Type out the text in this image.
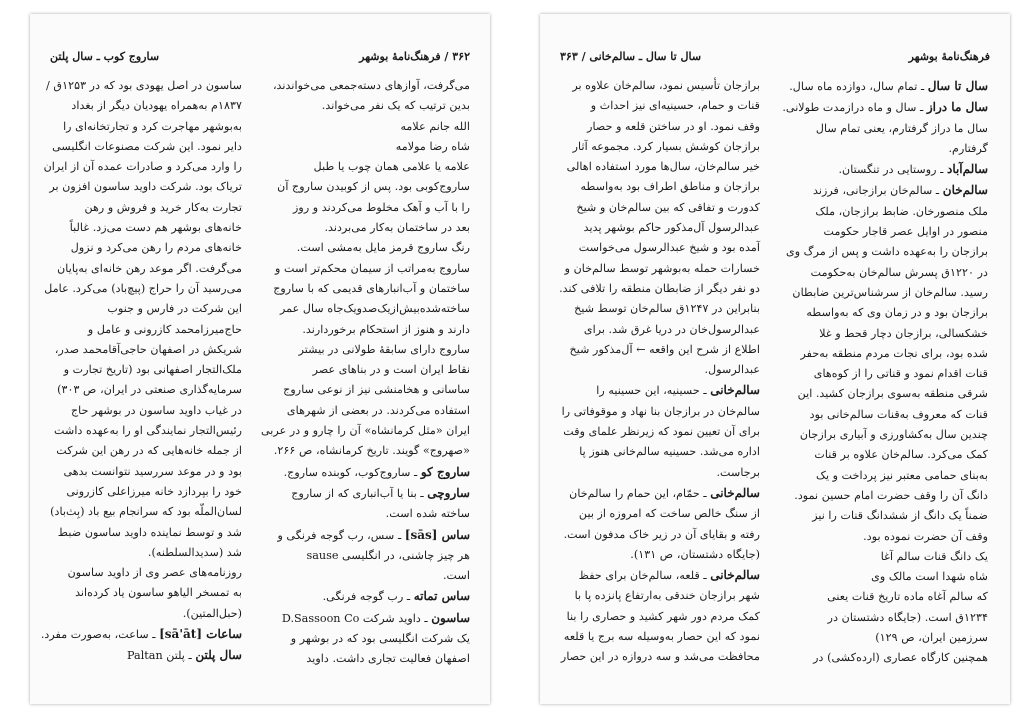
۳۶۲ / فرهنگ‌نامهٔ بوشهر
ساروج کوب ـ سال پلتن
می‌گرفت، آوازهای دسته‌جمعی می‌خواندند،
بدین ترتیب که یک نفر می‌خواند.
الله جانم علامه
شاه رضا مولامه
علامه یا علامی همان چوب یا طبل
ساروج‌کوبی بود. پس از کوبیدن ساروج آن
را با آب و آهک مخلوط می‌کردند و روز
بعد در ساختمان به‌کار می‌بردند.
رنگ ساروج قرمز مایل به‌مشی است.
ساروج به‌مراتب از سیمان محکم‌تر است و
ساختمان و آب‌انبارهای قدیمی که با ساروج
ساخته‌شده‌بیش‌ازیک‌صد‌ویک‌جاه سال عمر
دارند و هنوز از استحکام برخوردارند.
ساروج دارای سابقهٔ طولانی در بیشتر
نقاط ایران است و در بناهای عصر
ساسانی و هخامنشی نیز از نوعی ساروج
استفاده می‌کردند. در بعضی از شهرهای
ایران «مثل کرمانشاه» آن را چارو و در عربی
«صهروج» گویند. تاریخ کرمانشاه، ص ۲۶۶.
ساروج کو ـ ساروج‌کوب، کوبنده ساروج.
ساروچی ـ بنا یا آب‌انباری که از ساروج
ساخته شده است.
ساس [sās] ـ سس، رب گوجه فرنگی و
هر چیز چاشنی، در انگلیسی sause
است.
ساس تماته ـ رب گوجه فرنگی.
ساسون ـ داوید شرکت D.Sassoon Co
یک شرکت انگلیسی بود که در بوشهر و
اصفهان فعالیت تجاری داشت. داوید
ساسون در اصل یهودی بود که در ۱۲۵۳ق /
۱۸۳۷م به‌همراه یهودیان دیگر از بغداد
به‌بوشهر مهاجرت کرد و تجارتخانه‌ای را
دایر نمود. این شرکت مصنوعات انگلیسی
را وارد می‌کرد و صادرات عمده آن از ایران
تریاک بود. شرکت داوید ساسون افزون بر
تجارت به‌کار خرید و فروش و رهن
خانه‌های بوشهر هم دست می‌زد. غالباً
خانه‌های مردم را رهن می‌کرد و نزول
می‌گرفت. اگر موعد رهن خانه‌ای به‌پایان
می‌رسید آن را حراج (پیچ‌باد) می‌کرد. عامل
این شرکت در فارس و جنوب
حاج‌میرزامحمد کازرونی و عامل و
شریکش در اصفهان حاجی‌آقامحمد صدر،
ملک‌التجار اصفهانی بود (تاریخ تجارت و
سرمایه‌گذاری صنعتی در ایران، ص ۳۰۳)
در غیاب داوید ساسون در بوشهر حاج
رئیس‌التجار نمایندگی او را به‌عهده داشت
از جمله خانه‌هایی که در رهن این شرکت
بود و در موعد سررسید نتوانست بدهی
خود را بپردازد خانه میرزاعلی کازرونی
لسان‌الملّه بود که سرانجام بیع باد (بِث‌باد)
شد و توسط نماینده داوید ساسون ضبط
شد (سدیدالسلطنه).
روزنامه‌های عصر وی از داوید ساسون
به تمسخر الیاهو ساسون یاد کرده‌اند
(حبل‌المتین).
ساعات [sā'āt] ـ ساعت، به‌صورت مفرد.
سال پلتن ـ پلتن Paltan
فرهنگ‌نامهٔ بوشهر
سال تا سال ـ سالم‌خانی / ۳۶۳
سال تا سال ـ تمام سال، دوازده ماه سال.
سال ما دراز ـ سال و ماه درازمدت طولانی.
سال ما دراز گرفتارم، یعنی تمام سال
گرفتارم.
سالم‌آباد ـ روستایی در تنگستان.
سالم‌خان ـ سالم‌خان برازجانی، فرزند
ملک منصورخان. ضابط برازجان، ملک
منصور در اوایل عصر قاجار حکومت
برازجان را به‌عهده داشت و پس از مرگ وی
در ۱۲۲۰ق پسرش سالم‌خان به‌حکومت
رسید. سالم‌خان از سرشناس‌ترین ضابطان
برازجان بود و در زمان وی که به‌واسطه
خشکسالی، برازجان دچار قحط و غلا
شده بود، برای نجات مردم منطقه به‌حفر
قنات اقدام نمود و قناتی را از کوه‌های
شرقی منطقه به‌سوی برازجان کشید. این
قنات که معروف به‌قنات سالم‌خانی بود
چندین سال به‌کشاورزی و آبیاری برازجان
کمک می‌کرد. سالم‌خان علاوه بر قنات
به‌بنای حمامی معتبر نیز پرداخت و یک
دانگ آن را وقف حضرت امام حسین نمود.
ضمناً یک دانگ از ششدانگ قنات را نیز
وقف آن حضرت نموده بود.
یک دانگ قنات سالم آغا
شاه شهدا است مالک وی
که سالم آغاه ماده تاریخ قنات یعنی
۱۲۳۴ق است. (جایگاه دشتستان در
سرزمین ایران، ص ۱۲۹)
همچنین کارگاه عصاری (ارده‌کشی) در
برازجان تأسیس نمود، سالم‌خان علاوه بر
قنات و حمام، حسینیه‌ای نیز احداث و
وقف نمود. او در ساختن قلعه و حصار
برازجان کوشش بسیار کرد. مجموعه آثار
خیر سالم‌خان، سال‌ها مورد استفاده اهالی
برازجان و مناطق اطراف بود به‌واسطه
کدورت و تفاقی که بین سالم‌خان و شیخ
عبدالرسول آل‌مذکور حاکم بوشهر پدید
آمده بود و شیخ عبدالرسول می‌خواست
خسارات حمله به‌بوشهر توسط سالم‌خان و
دو نفر دیگر از ضابطان منطقه را تلافی کند.
بنابراین در ۱۲۴۷ق سالم‌خان توسط شیخ
عبدالرسول‌خان در دریا غرق شد. برای
اطلاع از شرح این واقعه ← آل‌مذکور شیخ
عبدالرسول.
سالم‌خانی ـ حسینیه، این حسینیه را
سالم‌خان در برازجان بنا نهاد و موقوفاتی را
برای آن تعیین نمود که زیرنظر علمای وقت
اداره می‌شد. حسینیه سالم‌خانی هنوز پا
برجاست.
سالم‌خانی ـ حمّام، این حمام را سالم‌خان
از سنگ خالص ساخت که امروزه از بین
رفته و بقایای آن در زیر خاک مدفون است.
(جایگاه دشتستان، ص ۱۳۱).
سالم‌خانی ـ قلعه، سالم‌خان برای حفظ
شهر برازجان خندقی به‌ارتفاع پانزده پا با
کمک مردم دور شهر کشید و حصاری را بنا
نمود که این حصار به‌وسیله سه برج یا قلعه
محافظت می‌شد و سه دروازه در این حصار
